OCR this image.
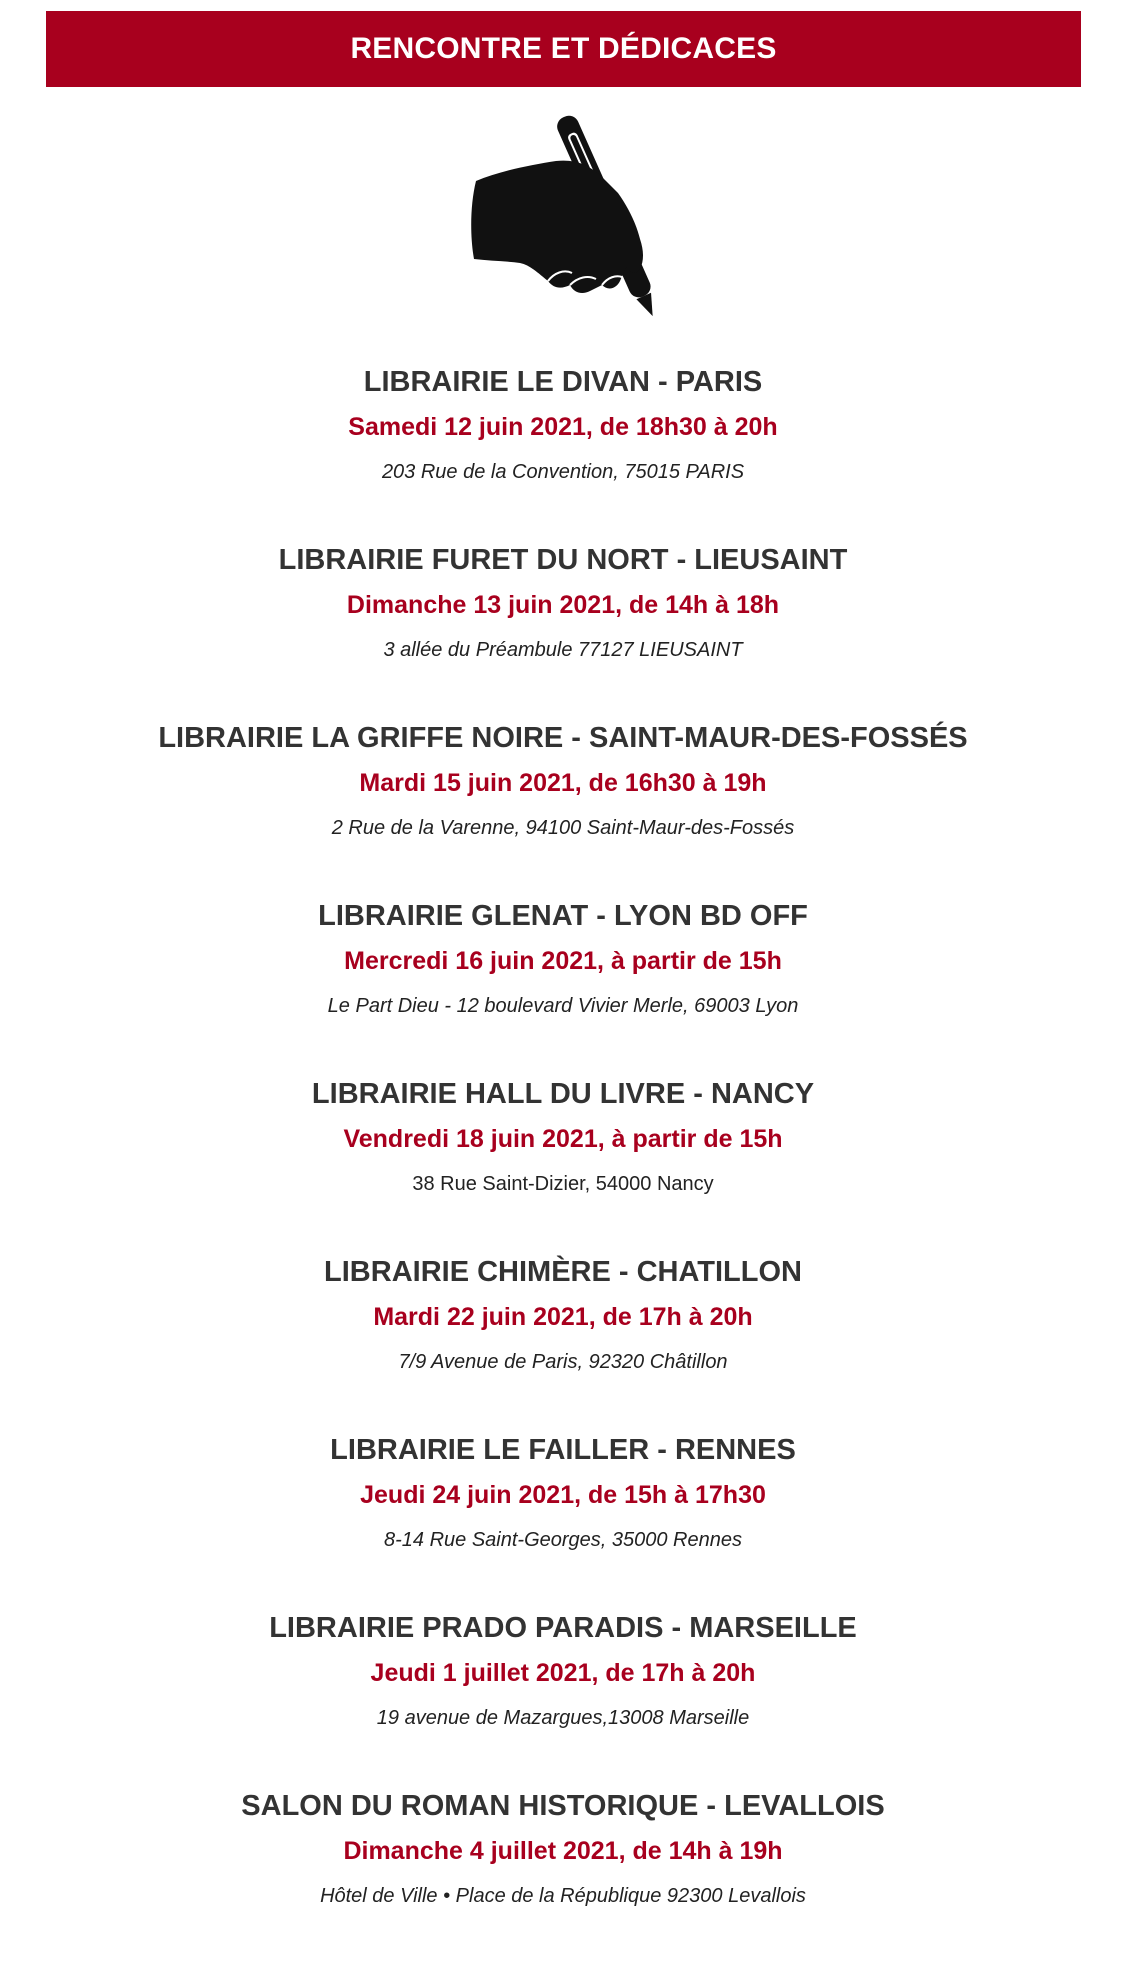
RENCONTRE ET DÉDICACES
LIBRAIRIE LE DIVAN - PARIS
Samedi 12 juin 2021, de 18h30 à 20h
203 Rue de la Convention, 75015 PARIS
LIBRAIRIE FURET DU NORT - LIEUSAINT
Dimanche 13 juin 2021, de 14h à 18h
3 allée du Préambule 77127 LIEUSAINT
LIBRAIRIE LA GRIFFE NOIRE - SAINT-MAUR-DES-FOSSÉS
Mardi 15 juin 2021, de 16h30 à 19h
2 Rue de la Varenne, 94100 Saint-Maur-des-Fossés
LIBRAIRIE GLENAT - LYON BD OFF
Mercredi 16 juin 2021, à partir de 15h
Le Part Dieu - 12 boulevard Vivier Merle, 69003 Lyon
LIBRAIRIE HALL DU LIVRE - NANCY
Vendredi 18 juin 2021, à partir de 15h
38 Rue Saint-Dizier, 54000 Nancy
LIBRAIRIE CHIMÈRE - CHATILLON
Mardi 22 juin 2021, de 17h à 20h
7/9 Avenue de Paris, 92320 Châtillon
LIBRAIRIE LE FAILLER - RENNES
Jeudi 24 juin 2021, de 15h à 17h30
8-14 Rue Saint-Georges, 35000 Rennes
LIBRAIRIE PRADO PARADIS - MARSEILLE
Jeudi 1 juillet 2021, de 17h à 20h
19 avenue de Mazargues,13008 Marseille
SALON DU ROMAN HISTORIQUE - LEVALLOIS
Dimanche 4 juillet 2021, de 14h à 19h
Hôtel de Ville • Place de la République 92300 Levallois
